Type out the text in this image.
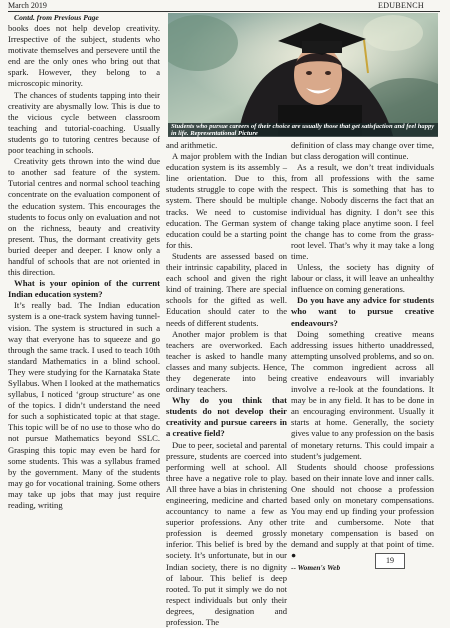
March 2019	EDUBENCH

Contd. from Previous Page

books does not help develop creativity. Irrespective of the subject, students who motivate themselves and persevere until the end are the only ones who bring out that spark. However, they belong to a microscopic minority.

The chances of students tapping into their creativity are abysmally low. This is due to the vicious cycle between classroom teaching and tutorial-coaching. Usually students go to tutoring centres because of poor teaching in schools.

Creativity gets thrown into the wind due to another sad feature of the system. Tutorial centres and normal school teaching concentrate on the evaluation component of the education system. This encourages the students to focus only on evaluation and not on the richness, beauty and creativity present. Thus, the dormant creativity gets buried deeper and deeper. I know only a handful of schools that are not oriented in this direction.

What is your opinion of the current Indian education system?

It’s really bad. The Indian education system is a one-track system having tunnel-vision. The system is structured in such a way that everyone has to squeeze and go through the same track. I used to teach 10th standard Mathematics in a blind school. They were studying for the Karnataka State Syllabus. When I looked at the mathematics syllabus, I noticed ‘group structure’ as one of the topics. I didn’t understand the need for such a sophisticated topic at that stage. This topic will be of no use to those who do not pursue Mathematics beyond SSLC. Grasping this topic may even be hard for some students. This was a syllabus framed by the government. Many of the students may go for vocational training. Some others may take up jobs that may just require reading, writing

Students who pursue careers of their choice are usually those that get satisfaction and feel happy in life. Representational Picture

and arithmetic.

A major problem with the Indian education system is its assembly – line orientation. Due to this, students struggle to cope with the system. There should be multiple tracks. We need to customise education. The German system of education could be a starting point for this.

Students are assessed based on their intrinsic capability, placed in each school and given the right kind of training. There are special schools for the gifted as well. Education should cater to the needs of different students.

Another major problem is that teachers are overworked. Each teacher is asked to handle many classes and many subjects. Hence, they degenerate into being ordinary teachers.

Why do you think that students do not develop their creativity and pursue careers in a creative field?

Due to peer, societal and parental pressure, students are coerced into performing well at school. All three have a negative role to play. All three have a bias in christening engineering, medicine and charted accountancy to name a few as superior professions. Any other profession is deemed grossly inferior. This belief is bred by the society. It’s unfortunate, but in our Indian society, there is no dignity of labour. This belief is deep rooted. To put it simply we do not respect individuals but only their degrees, designation and profession. The

definition of class may change over time, but class derogation will continue.

As a result, we don’t treat individuals from all professions with the same respect. This is something that has to change. Nobody discerns the fact that an individual has dignity. I don’t see this change taking place anytime soon. I feel the change has to come from the grass-root level. That’s why it may take a long time.

Unless, the society has dignity of labour or class, it will leave an unhealthy influence on coming generations.

Do you have any advice for students who want to pursue creative endeavours?

Doing something creative means addressing issues hitherto unaddressed, attempting unsolved problems, and so on. The common ingredient across all creative endeavours will invariably involve a re-look at the foundations. It may be in any field. It has to be done in an encouraging environment. Usually it starts at home. Generally, the society gives value to any profession on the basis of monetary returns. This could impair a student’s judgement.

Students should choose professions based on their innate love and inner calls. One should not choose a profession based only on monetary compensations. You may end up finding your profession trite and cumbersome. Note that monetary compensation is based on demand and supply at that point of time. ●

-- Women's Web

19
